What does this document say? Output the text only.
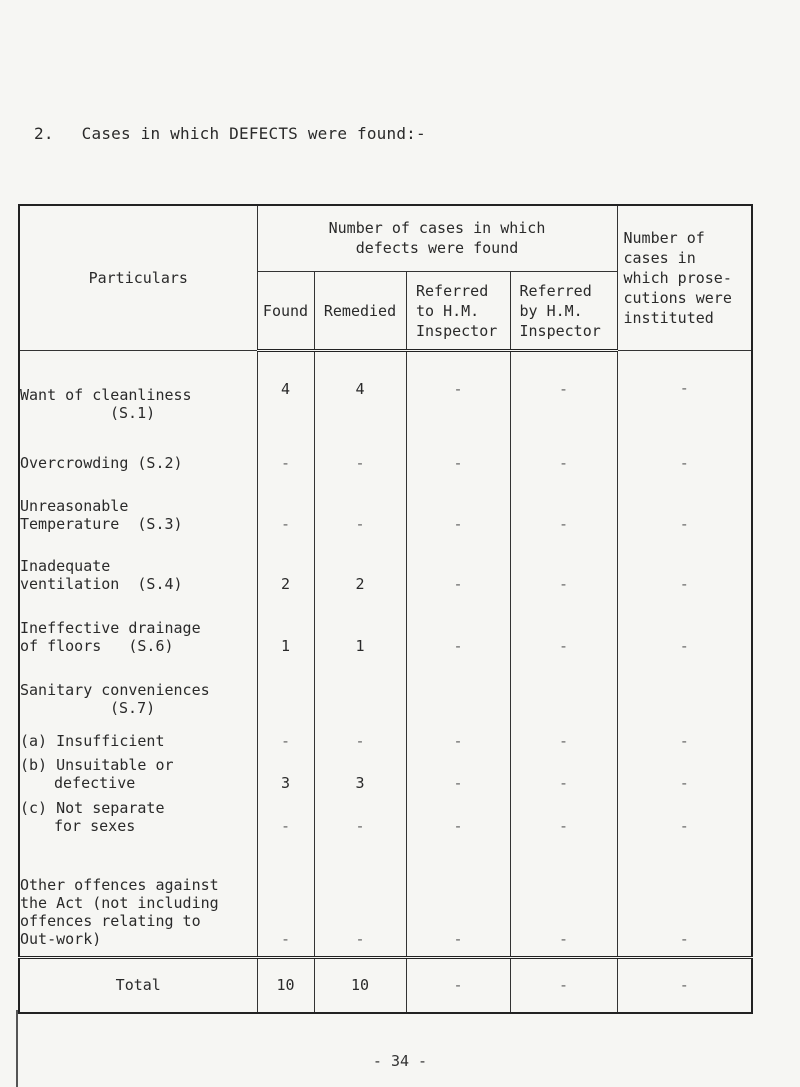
2. Cases in which DEFECTS were found:-
Particulars	Number of cases in which defects were found				Number of cases in which prose- cutions were instituted

	Found	Remedied	Referred to H.M. Inspector	Referred by H.M. Inspector	

Want of cleanliness
(S.1)	4	4	-	-	-

Overcrowding (S.2)	-	-	-	-	-

Unreasonable
Temperature  (S.3)	-	-	-	-	-

Inadequate
ventilation  (S.4)	2	2	-	-	-

Ineffective drainage
of floors   (S.6)	1	1	-	-	-

Sanitary conveniences
(S.7)					

(a) Insufficient	-	-	-	-	-

(b) Unsuitable or
defective	3	3	-	-	-

(c) Not separate
for sexes	-	-	-	-	-

Other offences against
the Act (not including
offences relating to
Out-work)	-	-	-	-	-
Total	10	10	-	-	-
- 34 -
